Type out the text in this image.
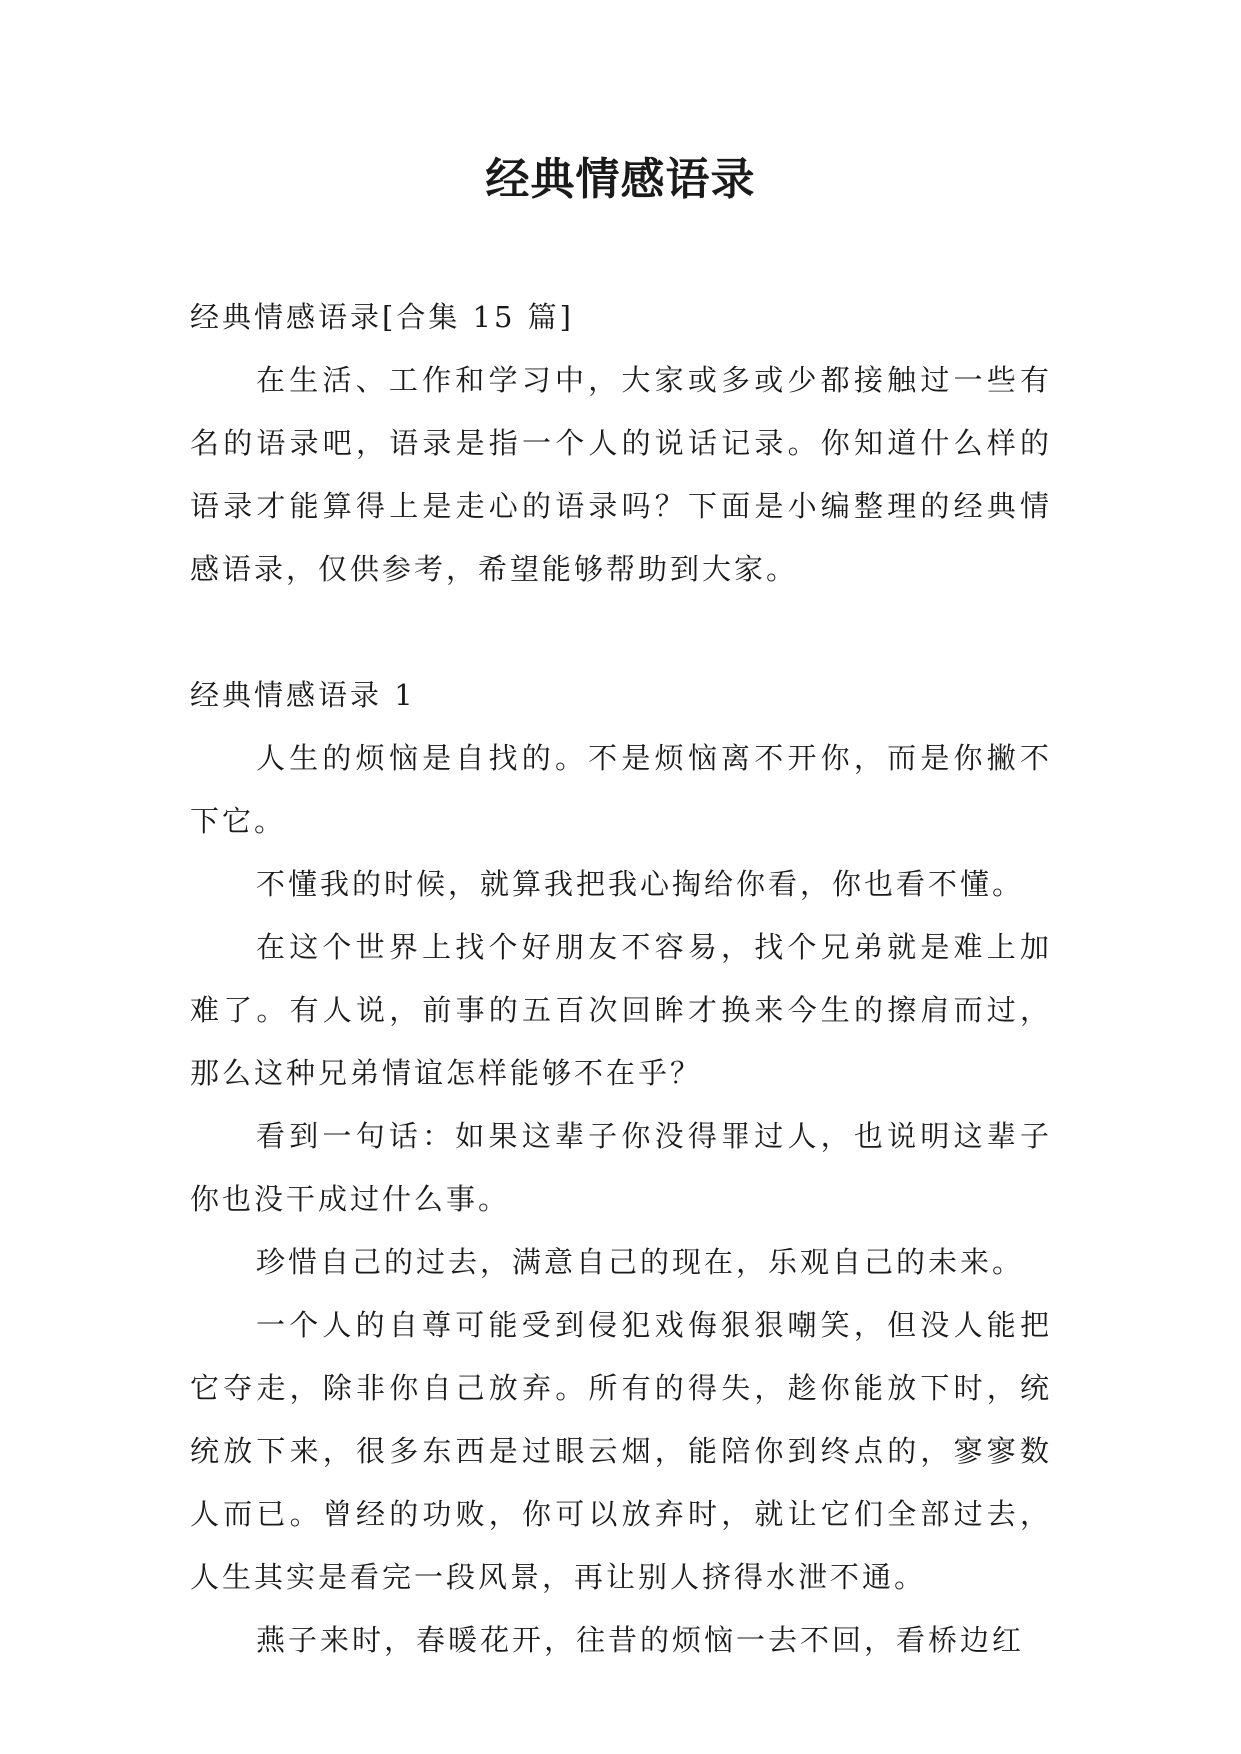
经典情感语录

经典情感语录[合集 15 篇]

在生活、工作和学习中，大家或多或少都接触过一些有名的语录吧，语录是指一个人的说话记录。你知道什么样的语录才能算得上是走心的语录吗？下面是小编整理的经典情感语录，仅供参考，希望能够帮助到大家。

经典情感语录 1

人生的烦恼是自找的。不是烦恼离不开你，而是你撇不下它。

不懂我的时候，就算我把我心掏给你看，你也看不懂。

在这个世界上找个好朋友不容易，找个兄弟就是难上加难了。有人说，前事的五百次回眸才换来今生的擦肩而过，那么这种兄弟情谊怎样能够不在乎？

看到一句话：如果这辈子你没得罪过人，也说明这辈子你也没干成过什么事。

珍惜自己的过去，满意自己的现在，乐观自己的未来。

一个人的自尊可能受到侵犯戏侮狠狠嘲笑，但没人能把它夺走，除非你自己放弃。所有的得失，趁你能放下时，统统放下来，很多东西是过眼云烟，能陪你到终点的，寥寥数人而已。曾经的功败，你可以放弃时，就让它们全部过去，人生其实是看完一段风景，再让别人挤得水泄不通。

燕子来时，春暖花开，往昔的烦恼一去不回，看桥边红
